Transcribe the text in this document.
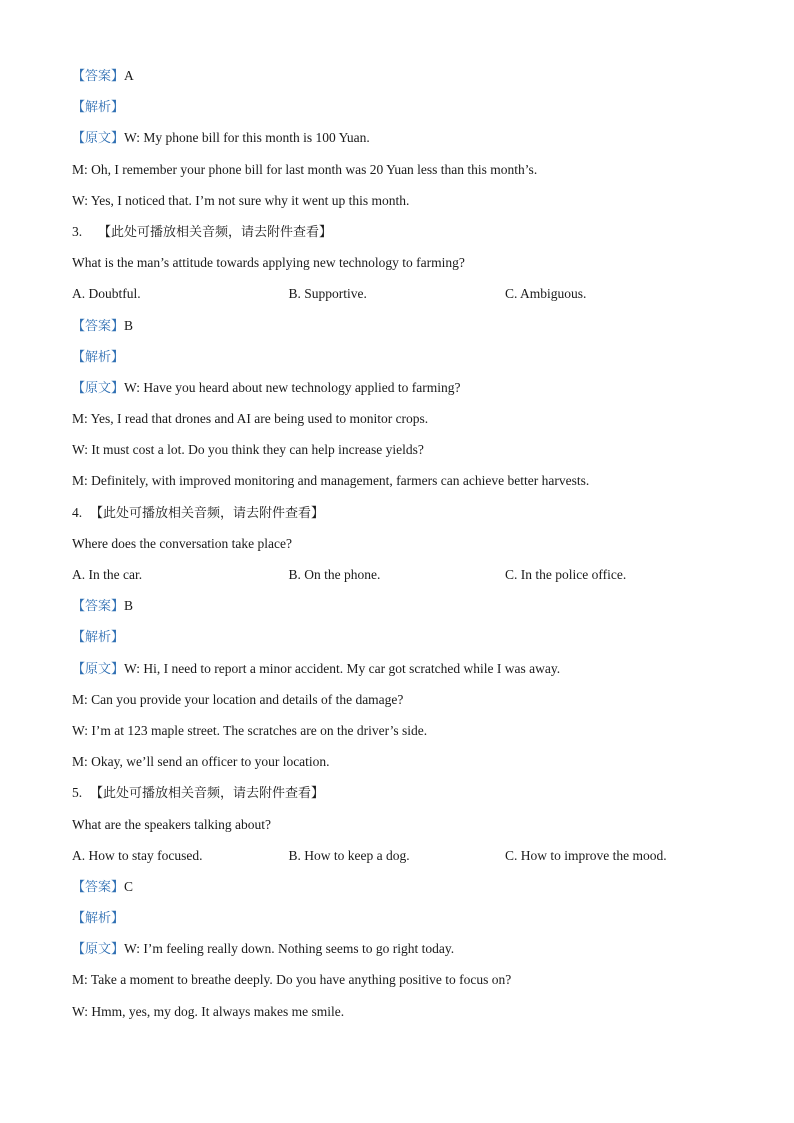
【答案】A
【解析】
【原文】W: My phone bill for this month is 100 Yuan.
M: Oh, I remember your phone bill for last month was 20 Yuan less than this month’s.
W: Yes, I noticed that. I’m not sure why it went up this month.
3. 【此处可播放相关音频，请去附件查看】
What is the man’s attitude towards applying new technology to farming?
A. Doubtful.	B. Supportive.	C. Ambiguous.
【答案】B
【解析】
【原文】W: Have you heard about new technology applied to farming?
M: Yes, I read that drones and AI are being used to monitor crops.
W: It must cost a lot. Do you think they can help increase yields?
M: Definitely, with improved monitoring and management, farmers can achieve better harvests.
4. 【此处可播放相关音频，请去附件查看】
Where does the conversation take place?
A. In the car.	B. On the phone.	C. In the police office.
【答案】B
【解析】
【原文】W: Hi, I need to report a minor accident. My car got scratched while I was away.
M: Can you provide your location and details of the damage?
W: I’m at 123 maple street. The scratches are on the driver’s side.
M: Okay, we’ll send an officer to your location.
5. 【此处可播放相关音频，请去附件查看】
What are the speakers talking about?
A. How to stay focused.	B. How to keep a dog.	C. How to improve the mood.
【答案】C
【解析】
【原文】W: I’m feeling really down. Nothing seems to go right today.
M: Take a moment to breathe deeply. Do you have anything positive to focus on?
W: Hmm, yes, my dog. It always makes me smile.
